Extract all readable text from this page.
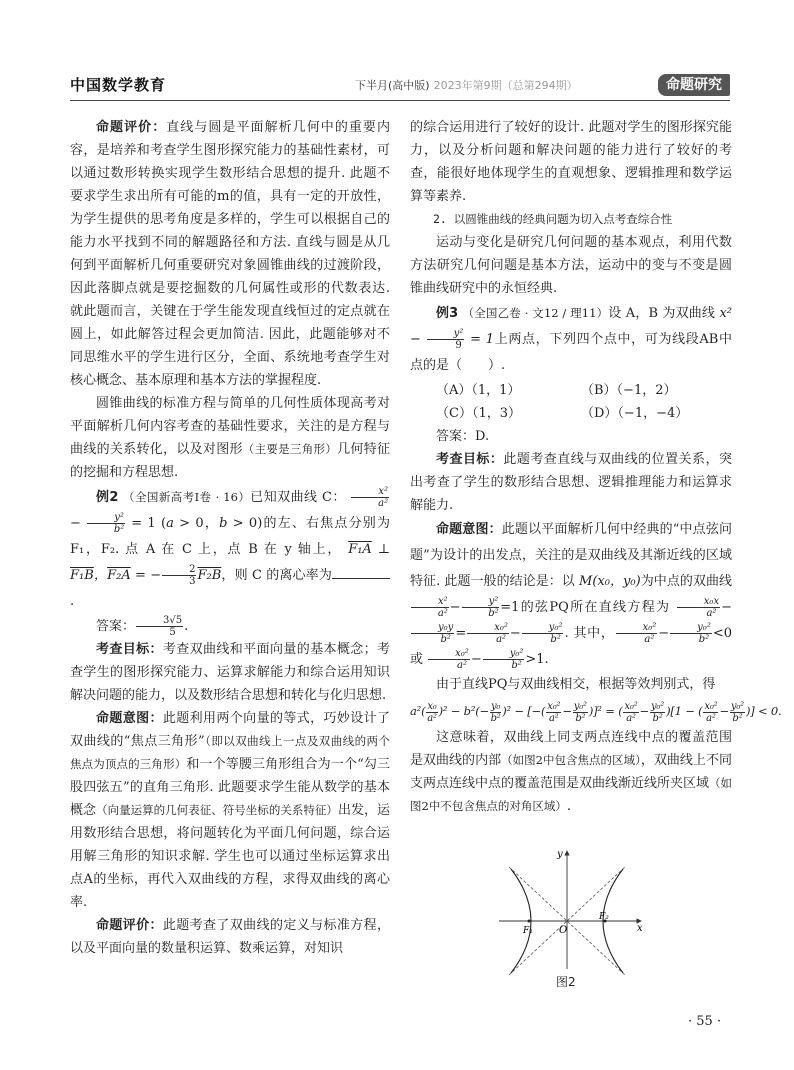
中国数学教育	下半月(高中版) 2023年第9期（总第294期）	命题研究

命题评价：直线与圆是平面解析几何中的重要内容，是培养和考查学生图形探究能力的基础性素材，可以通过数形转换实现学生数形结合思想的提升. 此题不要求学生求出所有可能的m的值，具有一定的开放性，为学生提供的思考角度是多样的，学生可以根据自己的能力水平找到不同的解题路径和方法. 直线与圆是从几何到平面解析几何重要研究对象圆锥曲线的过渡阶段，因此落脚点就是要挖掘数的几何属性或形的代数表达. 就此题而言，关键在于学生能发现直线恒过的定点就在圆上，如此解答过程会更加简洁. 因此，此题能够对不同思维水平的学生进行区分，全面、系统地考查学生对核心概念、基本原理和基本方法的掌握程度.

圆锥曲线的标准方程与简单的几何性质体现高考对平面解析几何内容考查的基础性要求，关注的是方程与曲线的关系转化，以及对图形（主要是三角形）几何特征的挖掘和方程思想.

例2 （全国新高考Ⅰ卷 · 16）已知双曲线 C： $\frac{\text{x²}}{\text{a²}}$
− $\frac{\text{y²}}{\text{b²}} = 1$ (a > 0，b > 0)的左、右焦点分别为 F₁，F₂. 点 A 在 C 上，点 B 在 y 轴上， F₁A ⊥ F₁B，F₂A = − $\frac{2}{3} F_2B$，则 C 的离心率为.

答案： $\frac{3√5}{5}$ .

考查目标：考查双曲线和平面向量的基本概念；考查学生的图形探究能力、运算求解能力和综合运用知识解决问题的能力，以及数形结合思想和转化与化归思想.

命题意图：此题利用两个向量的等式，巧妙设计了双曲线的“焦点三角形”（即以双曲线上一点及双曲线的两个焦点为顶点的三角形）和一个等腰三角形组合为一个“勾三股四弦五”的直角三角形. 此题要求学生能从数学的基本概念（向量运算的几何表征、符号坐标的关系特征）出发，运用数形结合思想，将问题转化为平面几何问题，综合运用解三角形的知识求解. 学生也可以通过坐标运算求出点A的坐标，再代入双曲线的方程，求得双曲线的离心率.

命题评价：此题考查了双曲线的定义与标准方程，以及平面向量的数量积运算、数乘运算，对知识

的综合运用进行了较好的设计. 此题对学生的图形探究能力，以及分析问题和解决问题的能力进行了较好的考查，能很好地体现学生的直观想象、逻辑推理和数学运算等素养.

2. 以圆锥曲线的经典问题为切入点考查综合性

运动与变化是研究几何问题的基本观点，利用代数方法研究几何问题是基本方法，运动中的变与不变是圆锥曲线研究中的永恒经典.

例3 （全国乙卷 · 文12 / 理11）设 A，B 为双曲线 $x^2 - \frac{\text{y²}}{9} = 1$上两点，下列四个点中，可为线段AB中点的是（　　）.

（A）（1，1）	（B）（−1，2）
（C）（1，3）	（D）（−1，−4）

答案：D.

考查目标：此题考查直线与双曲线的位置关系，突出考查了学生的数形结合思想、逻辑推理能力和运算求解能力.

命题意图：此题以平面解析几何中经典的“中点弦问题”为设计的出发点，关注的是双曲线及其渐近线的区域特征. 此题一般的结论是：以 M(x₀，y₀)为中点的双曲线
$\frac{\text{x²}}{\text{a²}} - \frac{\text{y²}}{\text{b²}} =1$的弦PQ所在直线方程为 $\frac{\text{x₀x}}{\text{a²}}$ −
$\frac{\text{y₀y}}{\text{b²}} = \frac{\text{x₀²}}{\text{a²}} - \frac{\text{y₀²}}{\text{b²}}$ . 其中， $\frac{\text{x₀²}}{\text{a²}} - \frac{\text{y₀²}}{\text{b²}} <0$ 或 $\frac{\text{x₀²}}{\text{a²}} - \frac{\text{y₀²}}{\text{b²}} >1$.

由于直线PQ与双曲线相交，根据等效判别式，得

$a^2( \frac{\text{x₀}}{\text{a²}} )^2 - b^2(- \frac{\text{y₀}}{\text{b²}} )^2$ − [−( $\frac{\text{x₀²}}{\text{a²}} - \frac{\text{y₀²}}{\text{b²}} )]^2$ = ( $\frac{\text{x₀²}}{\text{a²}} - \frac{\text{y₀²}}{\text{b²}} )[1$ − ( $\frac{\text{x₀²}}{\text{a²}} - \frac{\text{y₀²}}{\text{b²}}$ )] < 0.

这意味着，双曲线上同支两点连线中点的覆盖范围是双曲线的内部（如图2中包含焦点的区域），双曲线上不同支两点连线中点的覆盖范围是双曲线渐近线所夹区域（如图2中不包含焦点的对角区域）.

y
x
O
F₁
F₂
图2
· 55 ·
